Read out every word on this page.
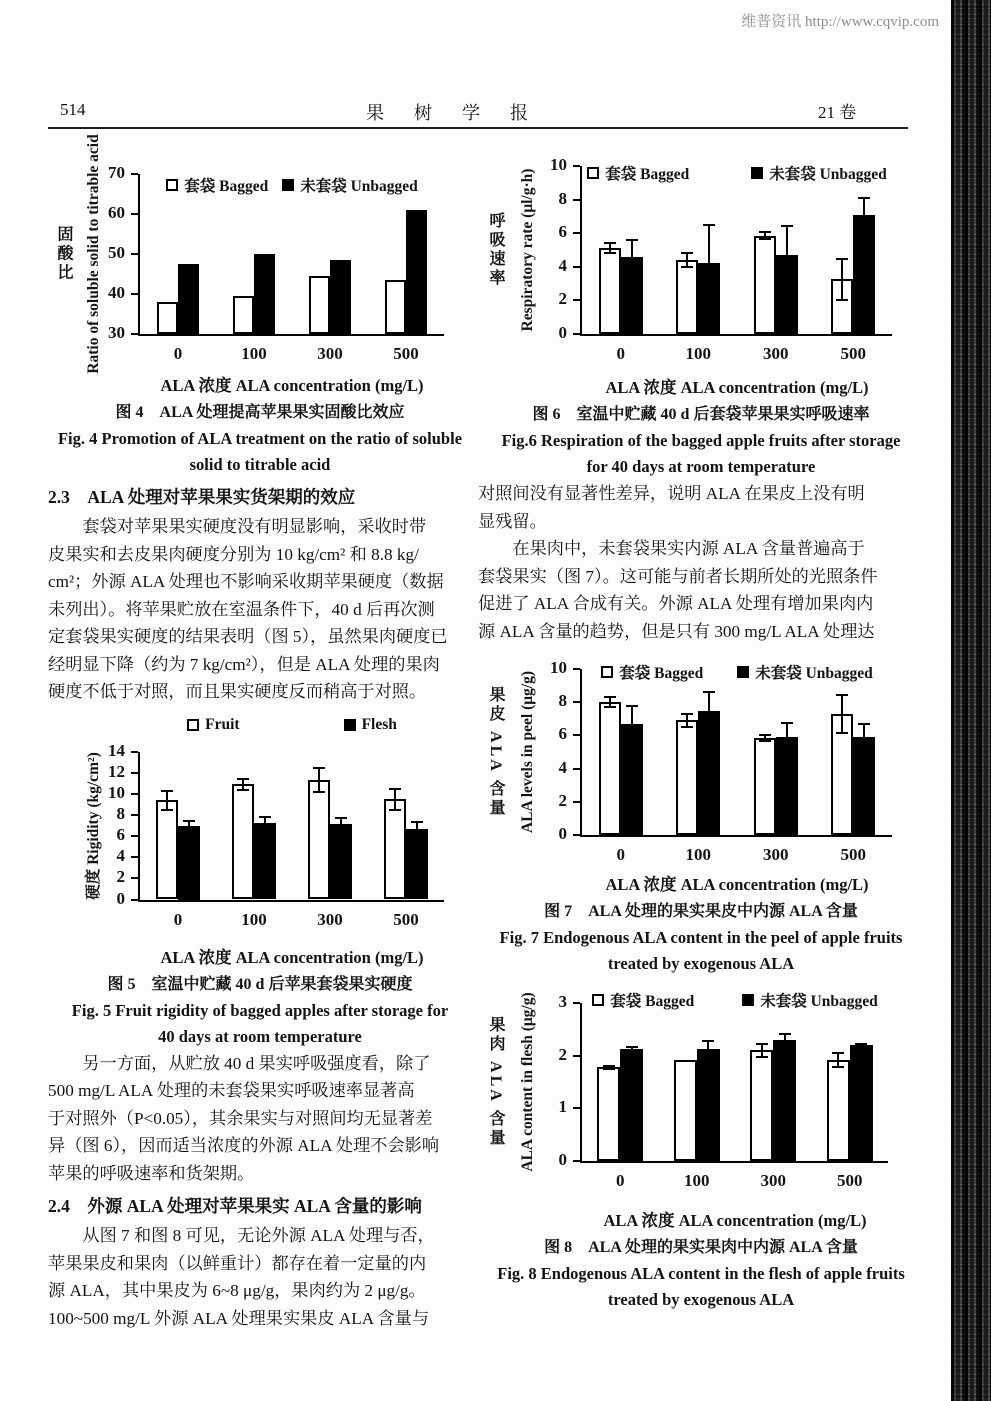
维普资讯 http://www.cqvip.com
514	果　树　学　报	21 卷
30
40
50
60
70
0	100	300	500
套袋 Bagged 未套袋 Unbagged
ALA 浓度 ALA concentration (mg/L)
固酸比 Ratio of soluble solid to titrable acid
图 4　ALA 处理提高苹果果实固酸比效应
Fig. 4 Promotion of ALA treatment on the ratio of soluble
solid to titrable acid
2.3　ALA 处理对苹果果实货架期的效应
　　套袋对苹果果实硬度没有明显影响，采收时带
皮果实和去皮果肉硬度分别为 10 kg/cm² 和 8.8 kg/
cm²；外源 ALA 处理也不影响采收期苹果硬度（数据
未列出）。将苹果贮放在室温条件下，40 d 后再次测
定套袋果实硬度的结果表明（图 5），虽然果肉硬度已
经明显下降（约为 7 kg/cm²），但是 ALA 处理的果肉
硬度不低于对照，而且果实硬度反而稍高于对照。
0
2
4
6
8
10
12
14
0	100	300	500
Fruit	Flesh
ALA 浓度 ALA concentration (mg/L)
硬度 Rigidity (kg/cm²)
图 5　室温中贮藏 40 d 后苹果套袋果实硬度
Fig. 5 Fruit rigidity of bagged apples after storage for
40 days at room temperature
　　另一方面，从贮放 40 d 果实呼吸强度看，除了
500 mg/L ALA 处理的未套袋果实呼吸速率显著高
于对照外（P<0.05），其余果实与对照间均无显著差
异（图 6），因而适当浓度的外源 ALA 处理不会影响
苹果的呼吸速率和货架期。
2.4　外源 ALA 处理对苹果果实 ALA 含量的影响
　　从图 7 和图 8 可见，无论外源 ALA 处理与否，
苹果果皮和果肉（以鲜重计）都存在着一定量的内
源 ALA，其中果皮为 6~8 μg/g，果肉约为 2 μg/g。
100~500 mg/L 外源 ALA 处理果实果皮 ALA 含量与
0
2
4
6
8
10
0	100	300	500
套袋 Bagged	未套袋 Unbagged
ALA 浓度 ALA concentration (mg/L)
呼吸速率 Respiratory rate (μl/g·h)
图 6　室温中贮藏 40 d 后套袋苹果果实呼吸速率
Fig.6 Respiration of the bagged apple fruits after storage
for 40 days at room temperature
对照间没有显著性差异，说明 ALA 在果皮上没有明
显残留。
　　在果肉中，未套袋果实内源 ALA 含量普遍高于
套袋果实（图 7）。这可能与前者长期所处的光照条件
促进了 ALA 合成有关。外源 ALA 处理有增加果肉内
源 ALA 含量的趋势，但是只有 300 mg/L ALA 处理达
0
2
4
6
8
10
0	100	300	500
套袋 Bagged	未套袋 Unbagged
ALA 浓度 ALA concentration (mg/L)
果皮 ALA 含量 ALA levels in peel (μg/g)
图 7　ALA 处理的果实果皮中内源 ALA 含量
Fig. 7 Endogenous ALA content in the peel of apple fruits
treated by exogenous ALA
0
1
2
3
0	100	300	500
套袋 Bagged	未套袋 Unbagged
ALA 浓度 ALA concentration (mg/L)
果肉 ALA 含量 ALA content in flesh (μg/g)
图 8　ALA 处理的果实果肉中内源 ALA 含量
Fig. 8 Endogenous ALA content in the flesh of apple fruits
treated by exogenous ALA
